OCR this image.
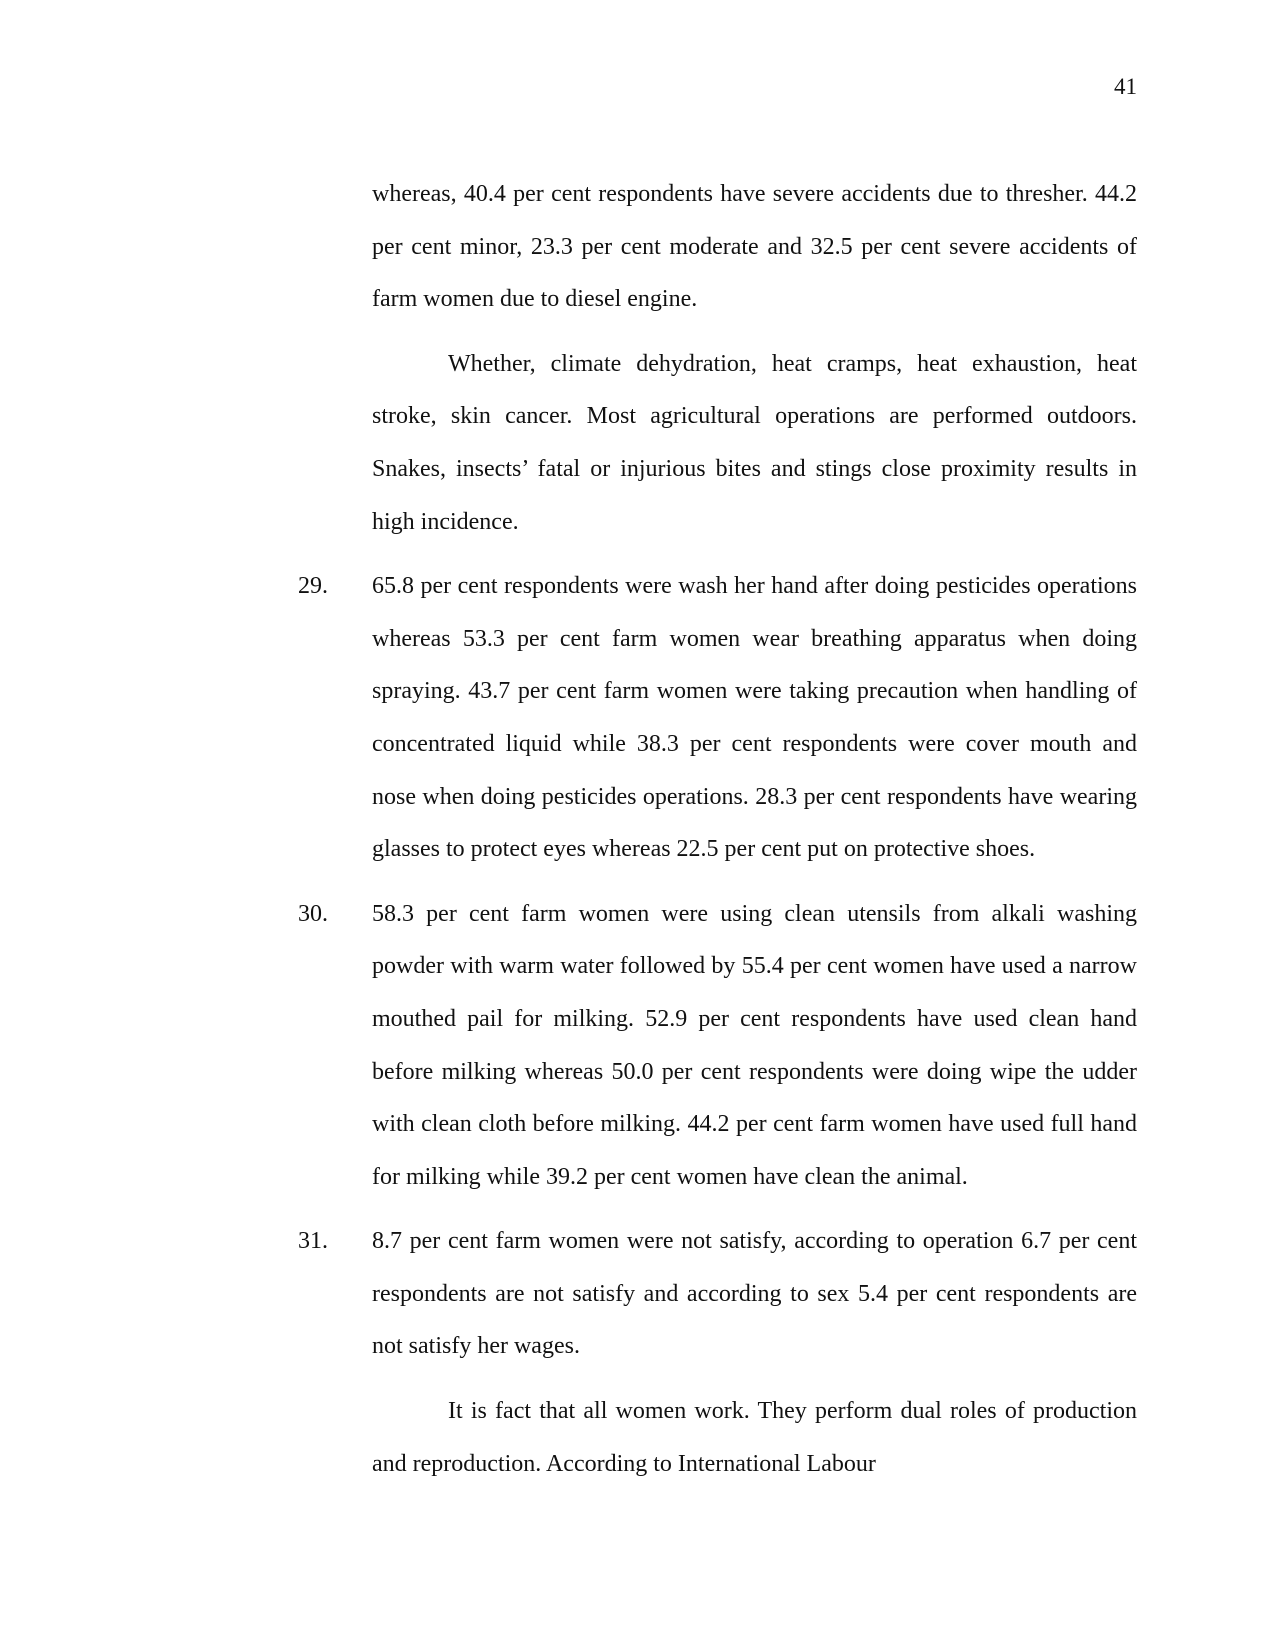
41

whereas, 40.4 per cent respondents have severe accidents due to thresher. 44.2 per cent minor, 23.3 per cent moderate and 32.5 per cent severe accidents of farm women due to diesel engine.

Whether, climate dehydration, heat cramps, heat exhaustion, heat stroke, skin cancer. Most agricultural operations are performed outdoors. Snakes, insects’ fatal or injurious bites and stings close proximity results in high incidence.

29. 65.8 per cent respondents were wash her hand after doing pesticides operations whereas 53.3 per cent farm women wear breathing apparatus when doing spraying. 43.7 per cent farm women were taking precaution when handling of concentrated liquid while 38.3 per cent respondents were cover mouth and nose when doing pesticides operations. 28.3 per cent respondents have wearing glasses to protect eyes whereas 22.5 per cent put on protective shoes.

30. 58.3 per cent farm women were using clean utensils from alkali washing powder with warm water followed by 55.4 per cent women have used a narrow mouthed pail for milking. 52.9 per cent respondents have used clean hand before milking whereas 50.0 per cent respondents were doing wipe the udder with clean cloth before milking. 44.2 per cent farm women have used full hand for milking while 39.2 per cent women have clean the animal.

31. 8.7 per cent farm women were not satisfy, according to operation 6.7 per cent respondents are not satisfy and according to sex 5.4 per cent respondents are not satisfy her wages.

It is fact that all women work. They perform dual roles of production and reproduction. According to International Labour
